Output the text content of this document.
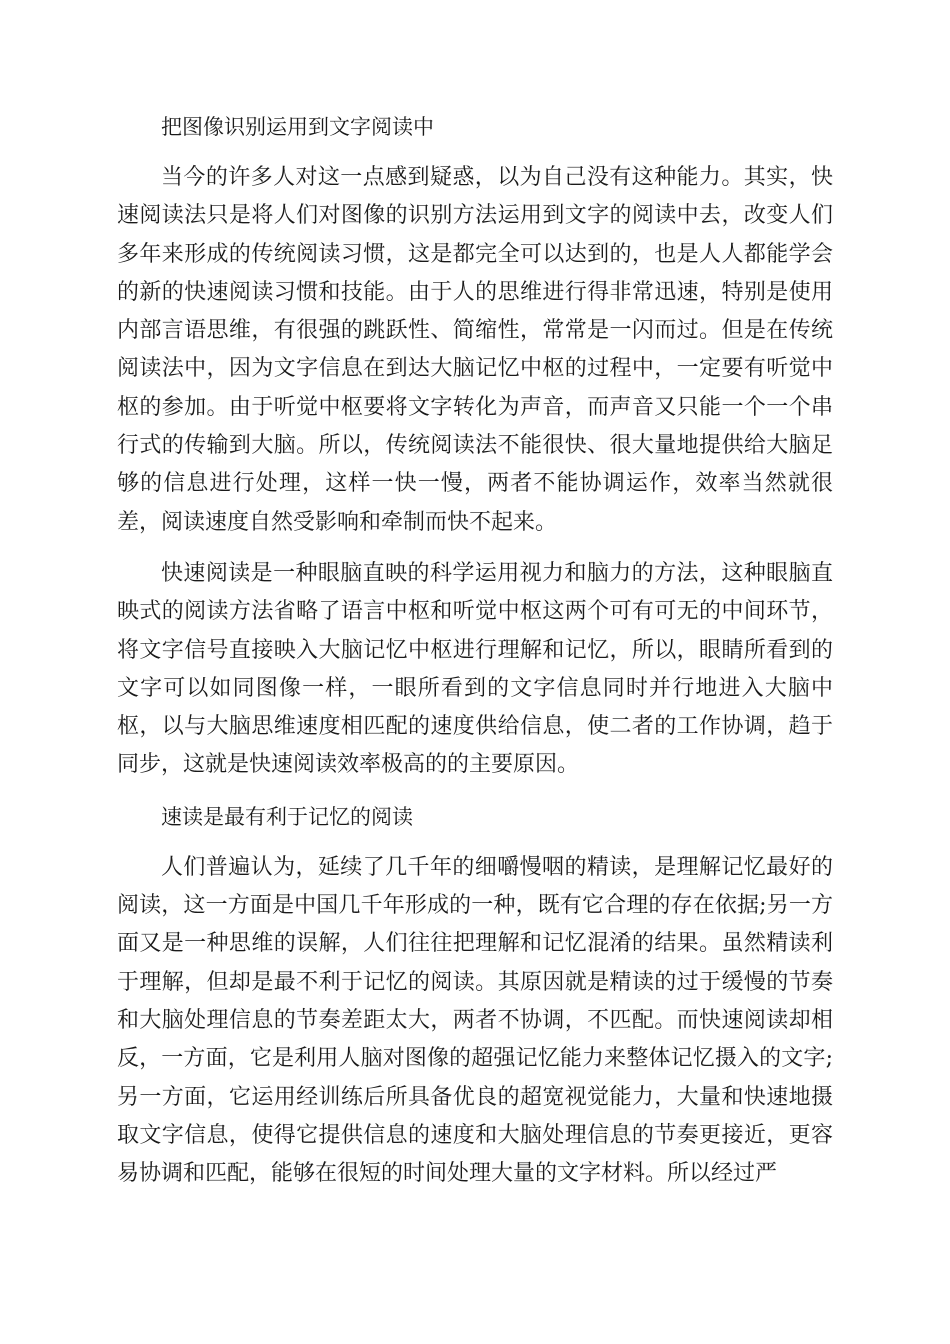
把图像识别运用到文字阅读中

当今的许多人对这一点感到疑惑，以为自己没有这种能力。其实，快速阅读法只是将人们对图像的识别方法运用到文字的阅读中去，改变人们多年来形成的传统阅读习惯，这是都完全可以达到的，也是人人都能学会的新的快速阅读习惯和技能。由于人的思维进行得非常迅速，特别是使用内部言语思维，有很强的跳跃性、简缩性，常常是一闪而过。但是在传统阅读法中，因为文字信息在到达大脑记忆中枢的过程中，一定要有听觉中枢的参加。由于听觉中枢要将文字转化为声音，而声音又只能一个一个串行式的传输到大脑。所以，传统阅读法不能很快、很大量地提供给大脑足够的信息进行处理，这样一快一慢，两者不能协调运作，效率当然就很差，阅读速度自然受影响和牵制而快不起来。

快速阅读是一种眼脑直映的科学运用视力和脑力的方法，这种眼脑直映式的阅读方法省略了语言中枢和听觉中枢这两个可有可无的中间环节，将文字信号直接映入大脑记忆中枢进行理解和记忆，所以，眼睛所看到的文字可以如同图像一样，一眼所看到的文字信息同时并行地进入大脑中枢，以与大脑思维速度相匹配的速度供给信息，使二者的工作协调，趋于同步，这就是快速阅读效率极高的的主要原因。

速读是最有利于记忆的阅读

人们普遍认为，延续了几千年的细嚼慢咽的精读，是理解记忆最好的阅读，这一方面是中国几千年形成的一种，既有它合理的存在依据;另一方面又是一种思维的误解，人们往往把理解和记忆混淆的结果。虽然精读利于理解，但却是最不利于记忆的阅读。其原因就是精读的过于缓慢的节奏和大脑处理信息的节奏差距太大，两者不协调，不匹配。而快速阅读却相反，一方面，它是利用人脑对图像的超强记忆能力来整体记忆摄入的文字;另一方面，它运用经训练后所具备优良的超宽视觉能力，大量和快速地摄取文字信息，使得它提供信息的速度和大脑处理信息的节奏更接近，更容易协调和匹配，能够在很短的时间处理大量的文字材料。所以经过严
